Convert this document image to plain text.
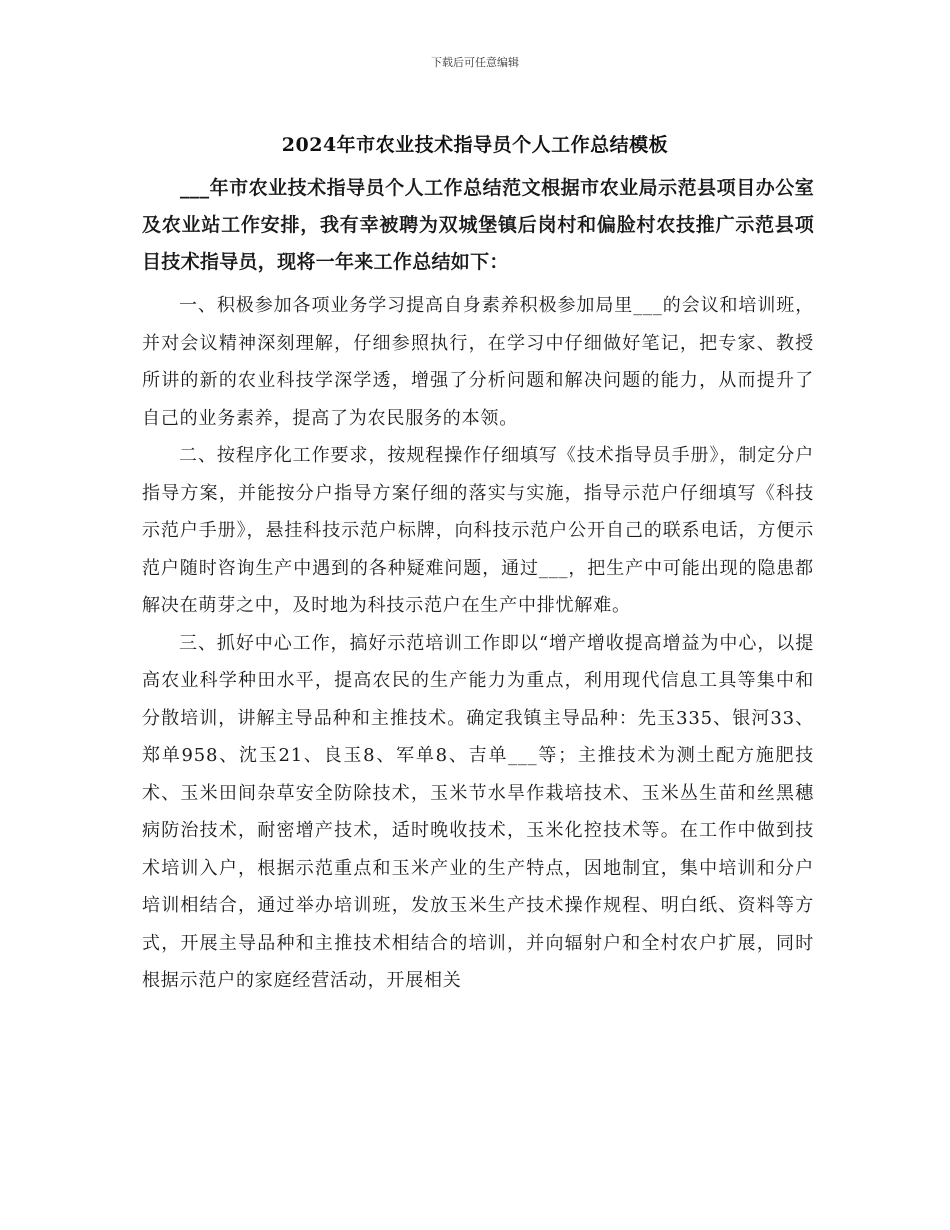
下载后可任意编辑
2024年市农业技术指导员个人工作总结模板

___年市农业技术指导员个人工作总结范文根据市农业局示范县项目办公室及农业站工作安排，我有幸被聘为双城堡镇后岗村和偏脸村农技推广示范县项目技术指导员，现将一年来工作总结如下：

一、积极参加各项业务学习提高自身素养积极参加局里___的会议和培训班，并对会议精神深刻理解，仔细参照执行，在学习中仔细做好笔记，把专家、教授所讲的新的农业科技学深学透，增强了分析问题和解决问题的能力，从而提升了自己的业务素养，提高了为农民服务的本领。

二、按程序化工作要求，按规程操作仔细填写《技术指导员手册》，制定分户指导方案，并能按分户指导方案仔细的落实与实施，指导示范户仔细填写《科技示范户手册》，悬挂科技示范户标牌，向科技示范户公开自己的联系电话，方便示范户随时咨询生产中遇到的各种疑难问题，通过___，把生产中可能出现的隐患都解决在萌芽之中，及时地为科技示范户在生产中排忧解难。

三、抓好中心工作，搞好示范培训工作即以“增产增收提高增益为中心，以提高农业科学种田水平，提高农民的生产能力为重点，利用现代信息工具等集中和分散培训，讲解主导品种和主推技术。确定我镇主导品种：先玉335、银河33、郑单958、沈玉21、良玉8、军单8、吉单___等；主推技术为测土配方施肥技术、玉米田间杂草安全防除技术，玉米节水旱作栽培技术、玉米丛生苗和丝黑穗病防治技术，耐密增产技术，适时晚收技术，玉米化控技术等。在工作中做到技术培训入户，根据示范重点和玉米产业的生产特点，因地制宜，集中培训和分户培训相结合，通过举办培训班，发放玉米生产技术操作规程、明白纸、资料等方式，开展主导品种和主推技术相结合的培训，并向辐射户和全村农户扩展，同时根据示范户的家庭经营活动，开展相关
